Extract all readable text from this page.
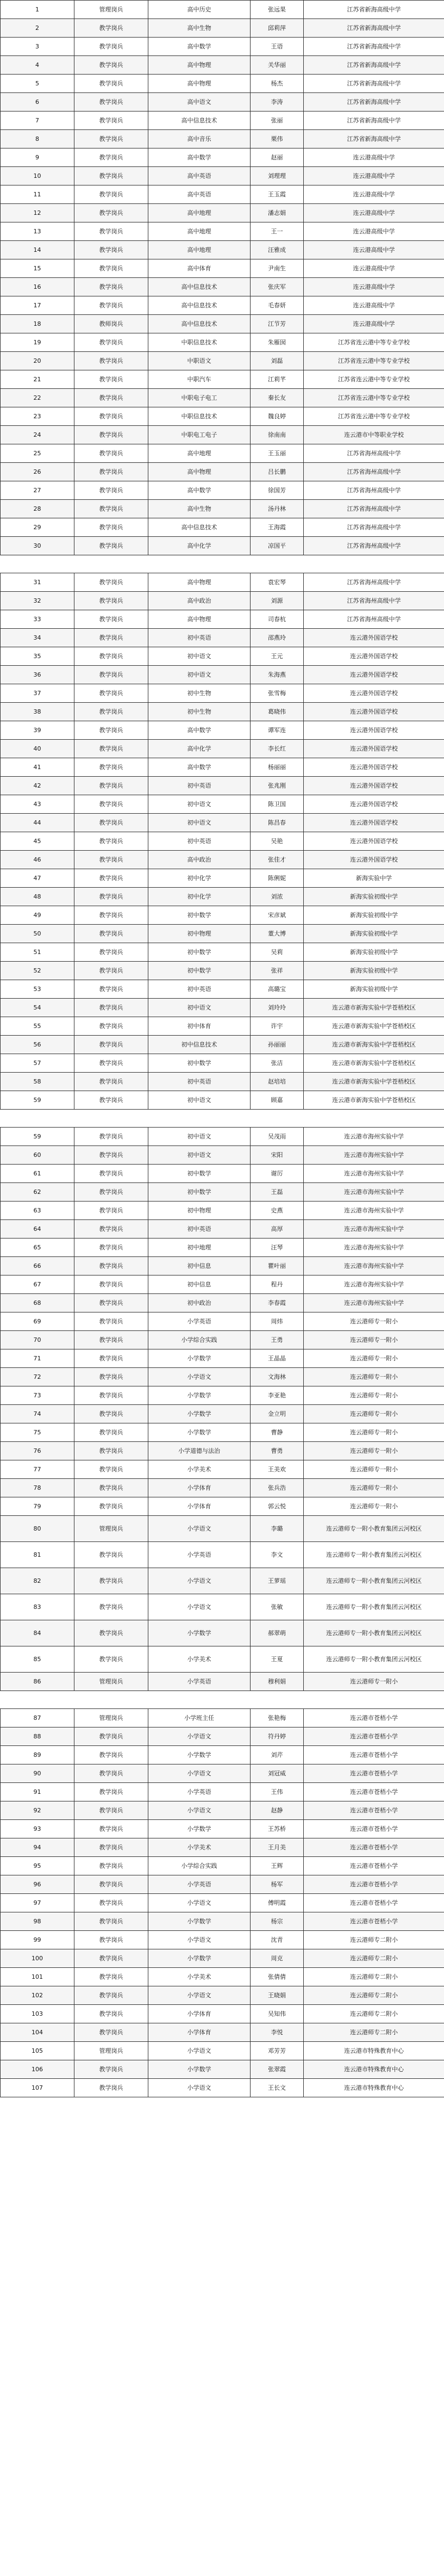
1	管理岗兵	高中历史	张远果	江苏省新海高级中学
2	教学岗兵	高中生物	邱莉萍	江苏省新海高级中学
3	教学岗兵	高中数学	王语	江苏省新海高级中学
4	教学岗兵	高中物理	关华丽	江苏省新海高级中学
5	教学岗兵	高中物理	杨杰	江苏省新海高级中学
6	教学岗兵	高中语文	李涛	江苏省新海高级中学
7	教学岗兵	高中信息技术	张丽	江苏省新海高级中学
8	教学岗兵	高中音乐	栗伟	江苏省新海高级中学
9	教学岗兵	高中数学	赵丽	连云港高级中学
10	教学岗兵	高中英语	刘理理	连云港高级中学
11	教学岗兵	高中英语	王玉霞	连云港高级中学
12	教学岗兵	高中地理	潘志娟	连云港高级中学
13	教学岗兵	高中地理	王一	连云港高级中学
14	教学岗兵	高中地理	汪雅成	连云港高级中学
15	教学岗兵	高中体育	尹南生	连云港高级中学
16	教学岗兵	高中信息技术	张庆军	连云港高级中学
17	教学岗兵	高中信息技术	毛春妍	连云港高级中学
18	教师岗兵	高中信息技术	江节芳	连云港高级中学
19	教学岗兵	中职信息技术	朱雁囡	江苏省连云港中等专业学校
20	教学岗兵	中职语文	刘磊	江苏省连云港中等专业学校
21	教学岗兵	中职汽车	江莉芊	江苏省连云港中等专业学校
22	教学岗兵	中职电子电工	秦长友	江苏省连云港中等专业学校
23	教学岗兵	中职信息技术	魏良婷	江苏省连云港中等专业学校
24	教学岗兵	中职电工电子	徐南南	连云港市中等职业学校
25	教学岗兵	高中地理	王玉丽	江苏省海州高级中学
26	教学岗兵	高中物理	吕长鹏	江苏省海州高级中学
27	教学岗兵	高中数学	徐国芳	江苏省海州高级中学
28	教学岗兵	高中生物	汤丹林	江苏省海州高级中学
29	教学岗兵	高中信息技术	王海霞	江苏省海州高级中学
30	教学岗兵	高中化学	凉国平	江苏省海州高级中学
31	教学岗兵	高中物理	袁宏琴	江苏省海州高级中学
32	教学岗兵	高中政治	刘源	江苏省海州高级中学
33	教学岗兵	高中物理	司春杭	江苏省海州高级中学
34	教学岗兵	初中英语	邵燕玲	连云港外国语学校
35	教学岗兵	初中语文	王元	连云港外国语学校
36	教学岗兵	初中语文	朱海燕	连云港外国语学校
37	教学岗兵	初中生物	张雪梅	连云港外国语学校
38	教学岗兵	初中生物	葛晓伟	连云港外国语学校
39	教学岗兵	高中数学	谭军连	连云港外国语学校
40	教学岗兵	高中化学	李长红	连云港外国语学校
41	教学岗兵	高中数学	杨丽丽	连云港外国语学校
42	教学岗兵	初中英语	张兆刚	连云港外国语学校
43	教学岗兵	初中语文	陈卫国	连云港外国语学校
44	教学岗兵	初中语文	陈昌春	连云港外国语学校
45	教学岗兵	初中英语	吴艳	连云港外国语学校
46	教学岗兵	高中政治	张佳才	连云港外国语学校
47	教学岗兵	初中化学	陈俐妮	新海实验中学
48	教学岗兵	初中化学	刘浓	新海实验初级中学
49	教学岗兵	初中数学	宋彦斌	新海实验初级中学
50	教学岗兵	初中物理	董大博	新海实验初级中学
51	教学岗兵	初中数学	吴莉	新海实验初级中学
52	教学岗兵	初中数学	张祥	新海实验初级中学
53	教学岗兵	初中英语	高璐宝	新海实验初级中学
54	教学岗兵	初中语文	刘玲玲	连云港市新海实验中学苍梧校区
55	教学岗兵	初中体育	许宇	连云港市新海实验中学苍梧校区
56	教学岗兵	初中信息技术	孙丽丽	连云港市新海实验中学苍梧校区
57	教学岗兵	初中数学	张洁	连云港市新海实验中学苍梧校区
58	教学岗兵	初中英语	赵培培	连云港市新海实验中学苍梧校区
59	教学岗兵	初中语文	顾嘉	连云港市新海实验中学苍梧校区
59	教学岗兵	初中语文	吴茂雨	连云港市海州实验中学
60	教学岗兵	初中语文	宋阳	连云港市海州实验中学
61	教学岗兵	初中数学	谢厉	连云港市海州实验中学
62	教学岗兵	初中数学	王磊	连云港市海州实验中学
63	教学岗兵	初中物理	史燕	连云港市海州实验中学
64	教学岗兵	初中英语	高厚	连云港市海州实验中学
65	教学岗兵	初中地理	汪琴	连云港市海州实验中学
66	教学岗兵	初中信息	瞿叶丽	连云港市海州实验中学
67	教学岗兵	初中信息	程丹	连云港市海州实验中学
68	教学岗兵	初中政治	李春霞	连云港市海州实验中学
69	教学岗兵	小学英语	周炜	连云港师专一附小
70	教学岗兵	小学综合实践	王勇	连云港师专一附小
71	教学岗兵	小学数学	王晶晶	连云港师专一附小
72	教学岗兵	小学语文	文海林	连云港师专一附小
73	教学岗兵	小学数学	李亚艳	连云港师专一附小
74	教学岗兵	小学数学	金立明	连云港师专一附小
75	教学岗兵	小学数学	曹静	连云港师专一附小
76	教学岗兵	小学道德与法治	曹勇	连云港师专一附小
77	教学岗兵	小学美术	王美欢	连云港师专一附小
78	教学岗兵	小学体育	张兵浩	连云港师专一附小
79	教学岗兵	小学体育	郭云悦	连云港师专一附小
80	管理岗兵	小学语文	李璐	连云港师专一附小教育集团云河校区
81	教学岗兵	小学英语	李文	连云港师专一附小教育集团云河校区
82	教学岗兵	小学语文	王萝瑶	连云港师专一附小教育集团云河校区
83	教学岗兵	小学语文	张敏	连云港师专一附小教育集团云河校区
84	教学岗兵	小学数学	郝翠萌	连云港师专一附小教育集团云河校区
85	教学岗兵	小学美术	王夏	连云港师专一附小教育集团云河校区
86	管理岗兵	小学英语	穆利娟	连云港师专一附小
87	管理岗兵	小学班主任	张艳梅	连云港市苍梧小学
88	教学岗兵	小学语文	符丹婷	连云港市苍梧小学
89	教学岗兵	小学数学	刘芹	连云港市苍梧小学
90	教学岗兵	小学语文	刘冠威	连云港市苍梧小学
91	教学岗兵	小学英语	王伟	连云港市苍梧小学
92	教学岗兵	小学语文	赵静	连云港市苍梧小学
93	教学岗兵	小学数学	王苏桥	连云港市苍梧小学
94	教学岗兵	小学美术	王月美	连云港市苍梧小学
95	教学岗兵	小学综合实践	王辉	连云港市苍梧小学
96	教学岗兵	小学英语	杨军	连云港市苍梧小学
97	教学岗兵	小学语文	傅明霞	连云港市苍梧小学
98	教学岗兵	小学数学	杨宗	连云港市苍梧小学
99	教学岗兵	小学语文	沈青	连云港师专二附小
100	教学岗兵	小学数学	周克	连云港师专二附小
101	教学岗兵	小学美术	张倩倩	连云港师专二附小
102	教学岗兵	小学语文	王晓娟	连云港师专二附小
103	教学岗兵	小学体育	吴知伟	连云港师专二附小
104	教学岗兵	小学体育	李悦	连云港师专二附小
105	管理岗兵	小学语文	邓芳芳	连云港市特殊教育中心
106	教学岗兵	小学数学	张翠霞	连云港市特殊教育中心
107	教学岗兵	小学语文	王长文	连云港市特殊教育中心
